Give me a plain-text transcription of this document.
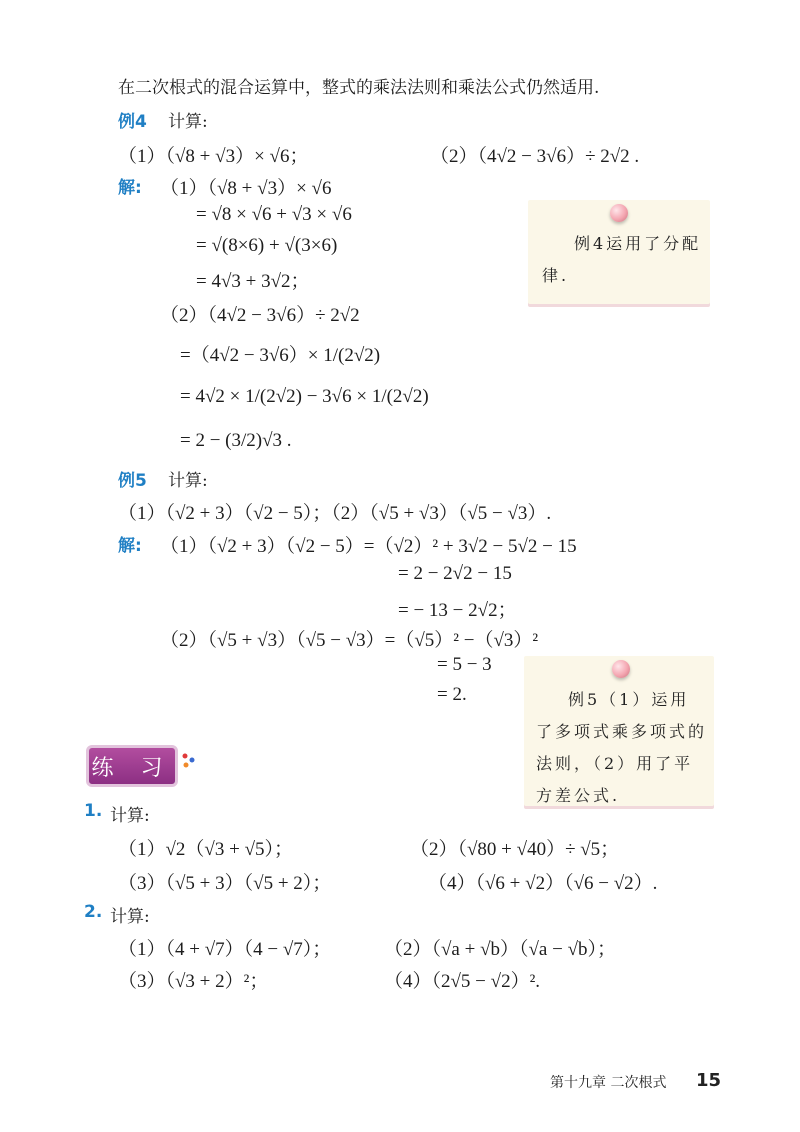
在二次根式的混合运算中，整式的乘法法则和乘法公式仍然适用.
例4 计算:
（1）（√8 + √3）× √6；	（2）（4√2 − 3√6）÷ 2√2 .
解: （1）（√8 + √3）× √6
= √8 × √6 + √3 × √6
= √(8×6) + √(3×6)
= 4√3 + 3√2；
（2）（4√2 − 3√6）÷ 2√2
=（4√2 − 3√6）× 1/(2√2)
= 4√2 × 1/(2√2) − 3√6 × 1/(2√2)
= 2 − (3/2)√3 .
例4运用了分配律.
例5 计算:
（1）（√2 + 3）（√2 − 5）；（2）（√5 + √3）（√5 − √3）.
解: （1）（√2 + 3）（√2 − 5）=（√2）² + 3√2 − 5√2 − 15
= 2 − 2√2 − 15
= − 13 − 2√2；
（2）（√5 + √3）（√5 − √3）=（√5）² −（√3）²
= 5 − 3
= 2.	例5（1）运用了多项式乘多项式的法则，（2）用了平方差公式.
练 习
1. 计算:
（1）√2（√3 + √5）；	（2）（√80 + √40）÷ √5；
（3）（√5 + 3）（√5 + 2）；	（4）（√6 + √2）（√6 − √2）.
2. 计算:
（1）（4 + √7）（4 − √7）；	（2）（√a + √b）（√a − √b）；
（3）（√3 + 2）²；	（4）（2√5 − √2）².
第十九章 二次根式 15
